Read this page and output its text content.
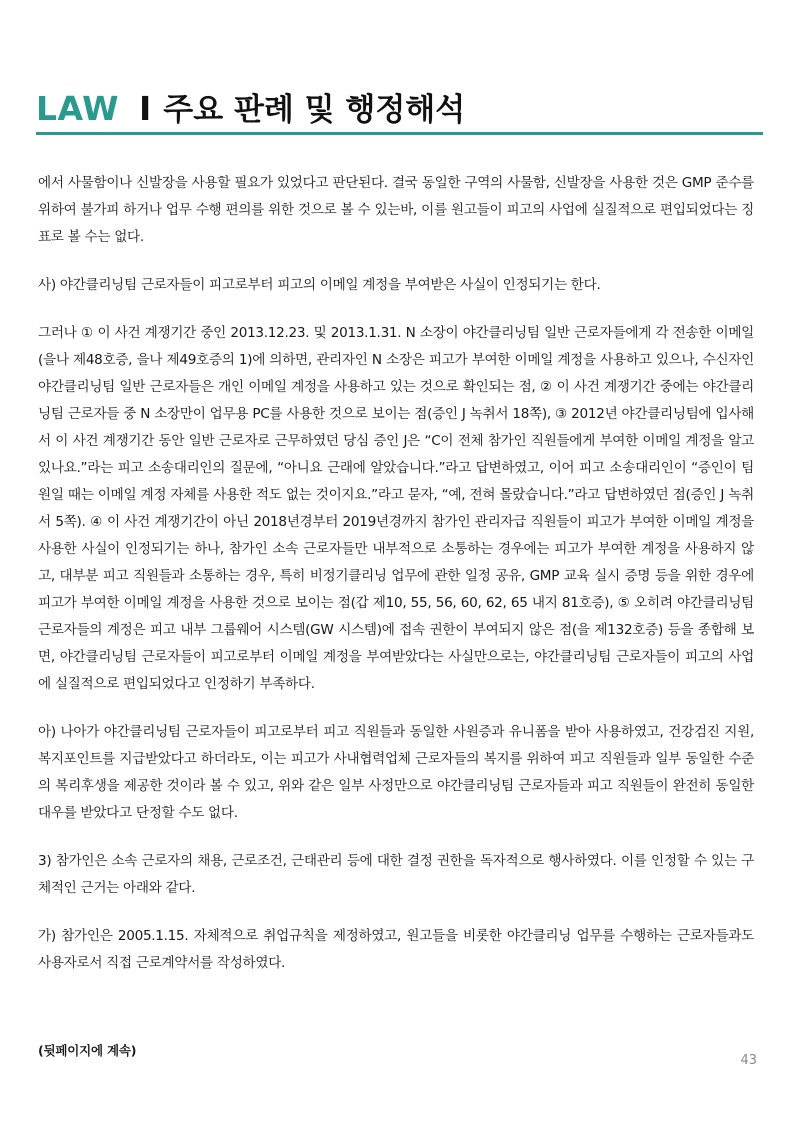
LAW I 주요 판례 및 행정해석

에서 사물함이나 신발장을 사용할 필요가 있었다고 판단된다. 결국 동일한 구역의 사물함, 신발장을 사용한 것은 GMP 준수를 위하여 불가피 하거나 업무 수행 편의를 위한 것으로 볼 수 있는바, 이를 원고들이 피고의 사업에 실질적으로 편입되었다는 징표로 볼 수는 없다.

사) 야간클리닝팀 근로자들이 피고로부터 피고의 이메일 계정을 부여받은 사실이 인정되기는 한다.

그러나 ① 이 사건 계쟁기간 중인 2013.12.23. 및 2013.1.31. N 소장이 야간클리닝팀 일반 근로자들에게 각 전송한 이메일(을나 제48호증, 을나 제49호증의 1)에 의하면, 관리자인 N 소장은 피고가 부여한 이메일 계정을 사용하고 있으나, 수신자인 야간클리닝팀 일반 근로자들은 개인 이메일 계정을 사용하고 있는 것으로 확인되는 점, ② 이 사건 계쟁기간 중에는 야간클리닝팀 근로자들 중 N 소장만이 업무용 PC를 사용한 것으로 보이는 점(증인 J 녹취서 18쪽), ③ 2012년 야간클리닝팀에 입사해서 이 사건 계쟁기간 동안 일반 근로자로 근무하였던 당심 증인 J은 “C이 전체 참가인 직원들에게 부여한 이메일 계정을 알고 있나요.”라는 피고 소송대리인의 질문에, “아니요 근래에 알았습니다.”라고 답변하였고, 이어 피고 소송대리인이 “증인이 팀원일 때는 이메일 계정 자체를 사용한 적도 없는 것이지요.”라고 묻자, “예, 전혀 몰랐습니다.”라고 답변하였던 점(증인 J 녹취서 5쪽). ④ 이 사건 계쟁기간이 아닌 2018년경부터 2019년경까지 참가인 관리자급 직원들이 피고가 부여한 이메일 계정을 사용한 사실이 인정되기는 하나, 참가인 소속 근로자들만 내부적으로 소통하는 경우에는 피고가 부여한 계정을 사용하지 않고, 대부분 피고 직원들과 소통하는 경우, 특히 비정기클리닝 업무에 관한 일정 공유, GMP 교육 실시 증명 등을 위한 경우에 피고가 부여한 이메일 계정을 사용한 것으로 보이는 점(갑 제10, 55, 56, 60, 62, 65 내지 81호증), ⑤ 오히려 야간클리닝팀 근로자들의 계정은 피고 내부 그룹웨어 시스템(GW 시스템)에 접속 권한이 부여되지 않은 점(을 제132호증) 등을 종합해 보면, 야간클리닝팀 근로자들이 피고로부터 이메일 계정을 부여받았다는 사실만으로는, 야간클리닝팀 근로자들이 피고의 사업에 실질적으로 편입되었다고 인정하기 부족하다.

아) 나아가 야간클리닝팀 근로자들이 피고로부터 피고 직원들과 동일한 사원증과 유니폼을 받아 사용하였고, 건강검진 지원, 복지포인트를 지급받았다고 하더라도, 이는 피고가 사내협력업체 근로자들의 복지를 위하여 피고 직원들과 일부 동일한 수준의 복리후생을 제공한 것이라 볼 수 있고, 위와 같은 일부 사정만으로 야간클리닝팀 근로자들과 피고 직원들이 완전히 동일한 대우를 받았다고 단정할 수도 없다.

3) 참가인은 소속 근로자의 채용, 근로조건, 근태관리 등에 대한 결정 권한을 독자적으로 행사하였다. 이를 인정할 수 있는 구체적인 근거는 아래와 같다.

가) 참가인은 2005.1.15. 자체적으로 취업규칙을 제정하였고, 원고들을 비롯한 야간클리닝 업무를 수행하는 근로자들과도 사용자로서 직접 근로계약서를 작성하였다.

(뒷페이지에 계속)
43
